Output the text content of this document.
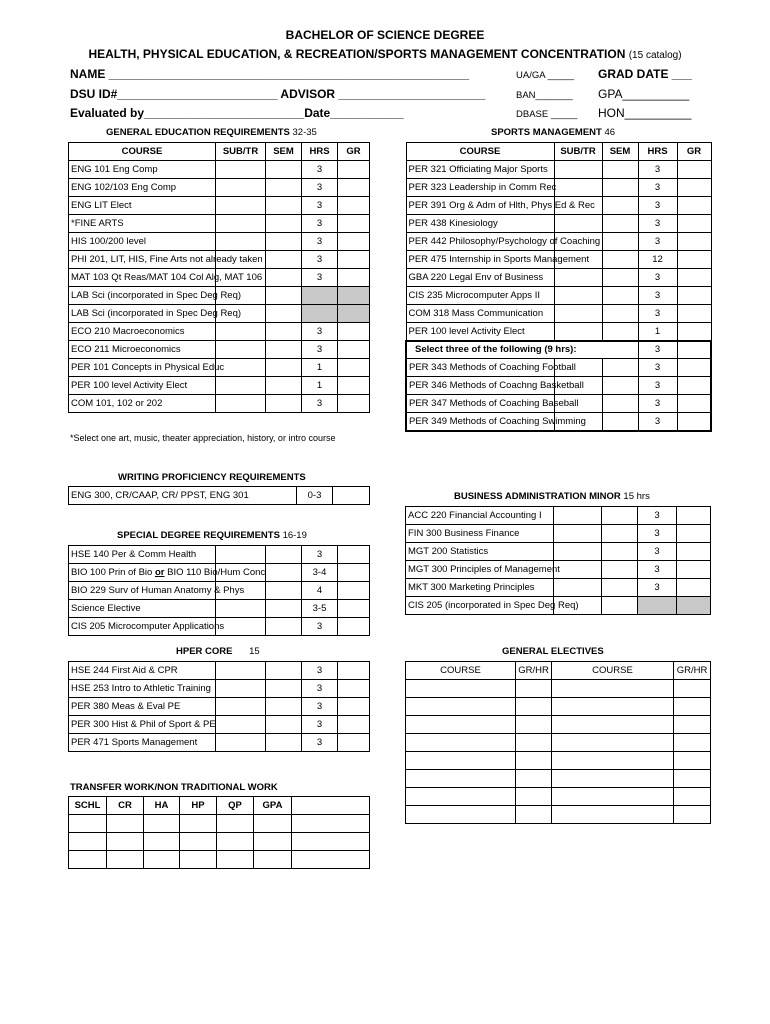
BACHELOR OF SCIENCE DEGREE
HEALTH, PHYSICAL EDUCATION, & RECREATION/SPORTS MANAGEMENT CONCENTRATION (15 catalog)
NAME ______________________________________________________
DSU ID#________________________ ADVISOR ______________________
Evaluated by________________________Date___________
UA/GA _____
BAN_______
DBASE _____
GRAD DATE ___
GPA__________
HON__________
GENERAL EDUCATION REQUIREMENTS 32-35
COURSE	SUB/TR	SEM	HRS	GR
ENG 101 Eng Comp			3	
ENG 102/103 Eng Comp			3	
ENG LIT Elect			3	
*FINE ARTS			3	
HIS 100/200 level			3	
PHI 201, LIT, HIS, Fine Arts not already taken			3	
MAT 103 Qt Reas/MAT 104 Col Alg, MAT 106			3	
LAB Sci (incorporated in Spec Deg Req)				
LAB Sci (incorporated in Spec Deg Req)				
ECO 210 Macroeconomics			3	
ECO 211 Microeconomics			3	
PER 101 Concepts in Physical Educ			1	
PER 100 level Activity Elect			1	
COM 101, 102 or 202			3	
*Select one art, music, theater appreciation, history, or intro course
SPORTS MANAGEMENT 46
COURSE	SUB/TR	SEM	HRS	GR
PER 321 Officiating Major Sports			3	
PER 323 Leadership in Comm Rec			3	
PER 391 Org & Adm of Hlth, Phys Ed & Rec			3	
PER 438 Kinesiology			3	
PER 442 Philosophy/Psychology of Coaching			3	
PER 475 Internship in Sports Management			12	
GBA 220 Legal Env of Business			3	
CIS 235 Microcomputer Apps II			3	
COM 318 Mass Communication			3	
PER 100 level Activity Elect			1	
Select three of the following (9 hrs):			3	
PER 343 Methods of Coaching Football			3	
PER 346 Methods of Coachng Basketball			3	
PER 347 Methods of Coaching Baseball			3	
PER 349 Methods of Coaching Swimming			3	
WRITING PROFICIENCY REQUIREMENTS
ENG 300, CR/CAAP, CR/ PPST, ENG 301	0-3	
SPECIAL DEGREE REQUIREMENTS 16-19
HSE 140 Per & Comm Health			3	
BIO 100 Prin of Bio or BIO 110 Bio/Hum Conc			3-4	
BIO 229 Surv of Human Anatomy & Phys			4	
Science Elective			3-5	
CIS 205 Microcomputer Applications			3	
HPER CORE 15
HSE 244 First Aid & CPR			3	
HSE 253 Intro to Athletic Training			3	
PER 380 Meas & Eval PE			3	
PER 300 Hist & Phil of Sport & PE			3	
PER 471 Sports Management			3	
TRANSFER WORK/NON TRADITIONAL WORK
SCHL	CR	HA	HP	QP	GPA	

BUSINESS ADMINISTRATION MINOR 15 hrs
ACC 220 Financial Accounting I			3	
FIN 300 Business Finance			3	
MGT 200 Statistics			3	
MGT 300 Principles of Management			3	
MKT 300 Marketing Principles			3	
CIS 205 (incorporated in Spec Deg Req)				
GENERAL ELECTIVES
COURSE	GR/HR	COURSE	GR/HR
